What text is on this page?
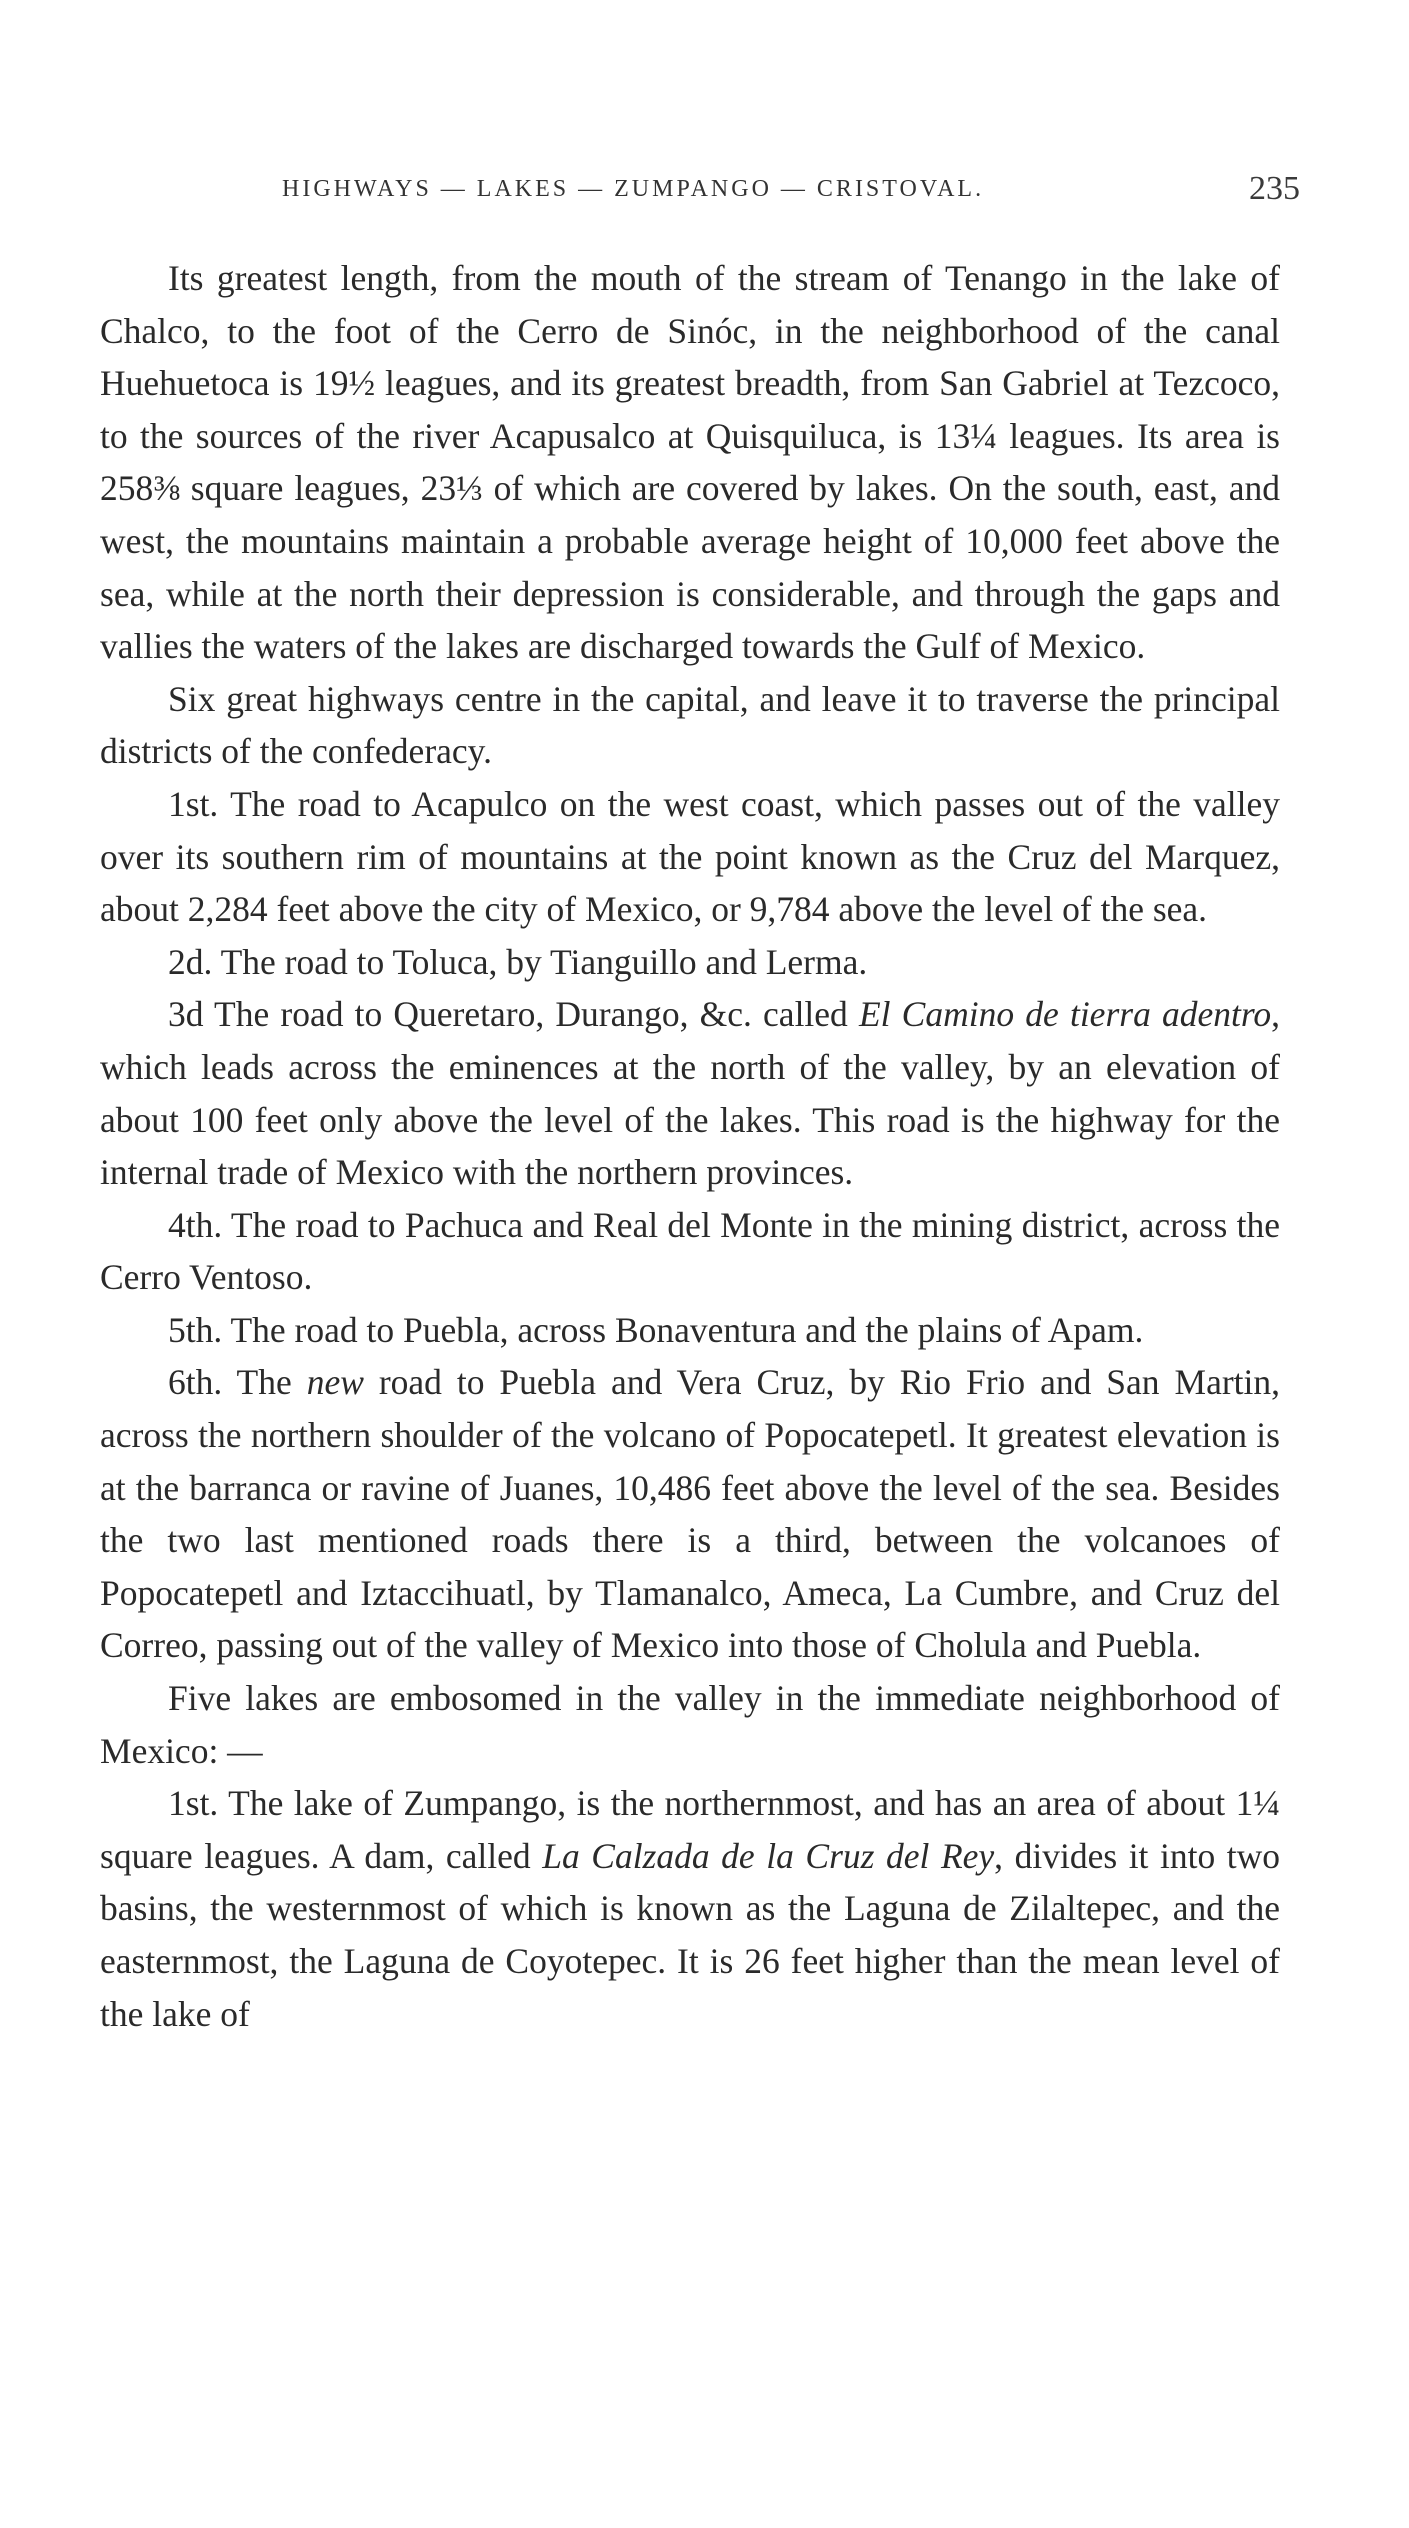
HIGHWAYS — LAKES — ZUMPANGO — CRISTOVAL.	235

Its greatest length, from the mouth of the stream of Tenango in the lake of Chalco, to the foot of the Cerro de Sinóc, in the neighborhood of the canal Huehuetoca is 19½ leagues, and its greatest breadth, from San Gabriel at Tezcoco, to the sources of the river Acapusalco at Quisquiluca, is 13¼ leagues. Its area is 258⅜ square leagues, 23⅓ of which are covered by lakes. On the south, east, and west, the mountains maintain a probable average height of 10,000 feet above the sea, while at the north their depression is considerable, and through the gaps and vallies the waters of the lakes are discharged towards the Gulf of Mexico.

Six great highways centre in the capital, and leave it to traverse the principal districts of the confederacy.

1st. The road to Acapulco on the west coast, which passes out of the valley over its southern rim of mountains at the point known as the Cruz del Marquez, about 2,284 feet above the city of Mexico, or 9,784 above the level of the sea.

2d. The road to Toluca, by Tianguillo and Lerma.

3d The road to Queretaro, Durango, &c. called El Camino de tierra adentro, which leads across the eminences at the north of the valley, by an elevation of about 100 feet only above the level of the lakes. This road is the highway for the internal trade of Mexico with the northern provinces.

4th. The road to Pachuca and Real del Monte in the mining district, across the Cerro Ventoso.

5th. The road to Puebla, across Bonaventura and the plains of Apam.

6th. The new road to Puebla and Vera Cruz, by Rio Frio and San Martin, across the northern shoulder of the volcano of Popocatepetl. It greatest elevation is at the barranca or ravine of Juanes, 10,486 feet above the level of the sea. Besides the two last mentioned roads there is a third, between the volcanoes of Popocatepetl and Iztaccihuatl, by Tlamanalco, Ameca, La Cumbre, and Cruz del Correo, passing out of the valley of Mexico into those of Cholula and Puebla.

Five lakes are embosomed in the valley in the immediate neighborhood of Mexico: —

1st. The lake of Zumpango, is the northernmost, and has an area of about 1¼ square leagues. A dam, called La Calzada de la Cruz del Rey, divides it into two basins, the westernmost of which is known as the Laguna de Zilaltepec, and the easternmost, the Laguna de Coyotepec. It is 26 feet higher than the mean level of the lake of
